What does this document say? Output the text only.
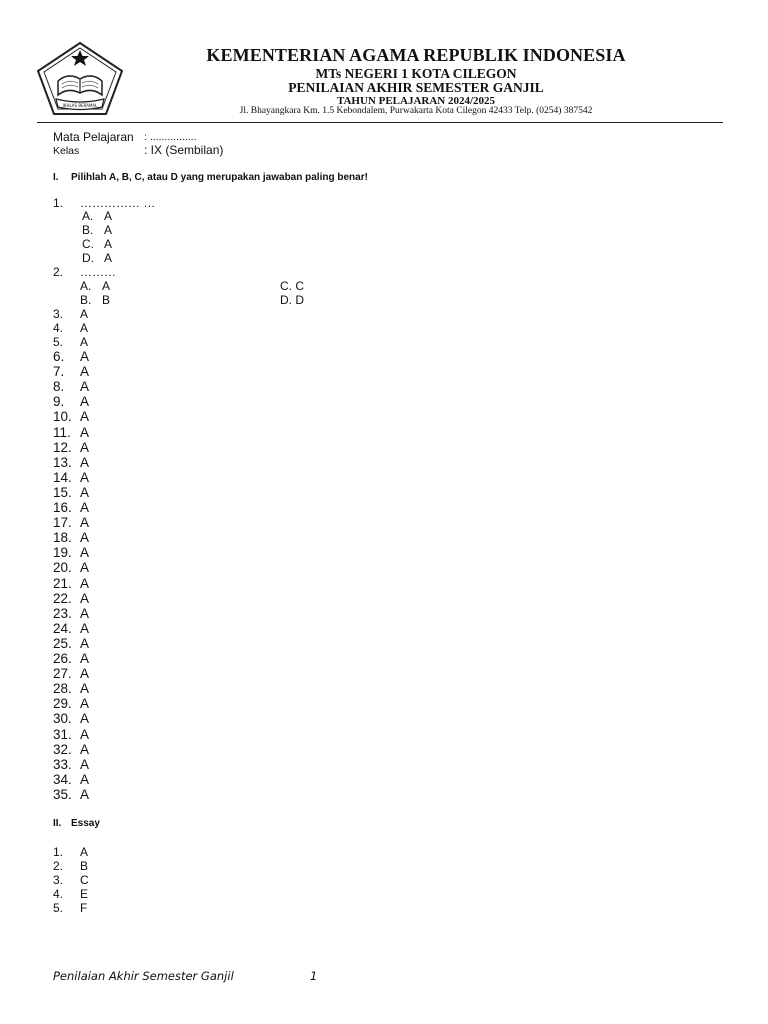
IKHLAS BERAMAL
KEMENTERIAN AGAMA REPUBLIK INDONESIA
MTs NEGERI 1 KOTA CILEGON
PENILAIAN AKHIR SEMESTER GANJIL
TAHUN PELAJARAN 2024/2025
Jl. Bhayangkara Km. 1.5 Kebondalem, Purwakarta Kota Cilegon 42433 Telp. (0254) 387542
Mata Pelajaran : ................
Kelas	: IX (Sembilan)
I. Pilihlah A, B, C, atau D yang merupakan jawaban paling benar!
1. …………… …
A. A
B. A
C. A
D. A
2. ………
A. A
B. B
C. C
D. D
3. A
4. A
5. A
6. A
7. A
8. A
9. A
10. A
11. A
12. A
13. A
14. A
15. A
16. A
17. A
18. A
19. A
20. A
21. A
22. A
23. A
24. A
25. A
26. A
27. A
28. A
29. A
30. A
31. A
32. A
33. A
34. A
35. A
II. Essay
1. A
2. B
3. C
4. E
5. F
Penilaian Akhir Semester Ganjil	1
